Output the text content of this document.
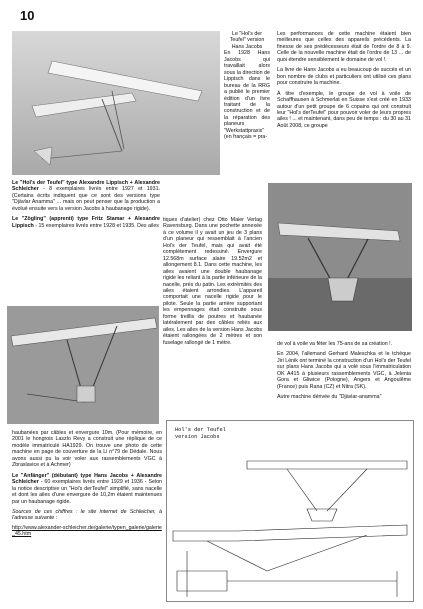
10

Le "Hol's der Teufel" version Hans Jacobs

En 1928 Hans Jacobs qui travaillait alors sous la direction de Lippisch dans le bureau de la RRG a publié le premier édition d'un livre traitant de la construction et de la réparation des planeurs "Werkstattpraxis" (en français = pra-

Les performances de cette machine étaient bien meilleures que celles des appareils précédents. La finesse de ses prédécesseurs était de l'ordre de 8 à 9. Celle de la nouvelle machine était de l'ordre de 13 ... de quoi étendre sensiblement le domaine de vol !.

La livre de Hans Jacobs a eu beaucoup de succès et un bon nombre de clubs et particuliers ont utilisé ces plans pour construire la machine.

À titre d'exemple, le groupe de vol à voile de Schaffhausen à Schmerlat en Suisse s'est créé en 1933 autour d'un petit groupe de 6 copains qui ont construit leur "Hol's derTeufel" pour pouvoir voler de leurs propres ailes ! ... et maintenant, dans peu de temps : du 30 au 31 Août 2008, ce groupe

Le "Hol's der Teufel" type Alexandre Lippisch + Alexandre Schleicher - 8 exemplaires livrés entre 1927 et 1931. (Certains écrits indiquent que ce sont des versions type "Djävlar Anamma" ... mais on peut penser que la production a évolué ensuite vers la version Jacobs à haubanage rigide).

Le "Zögling" (apprenti) type Fritz Stamar + Alexandre Lippisch - 15 exemplaires livrés entre 1928 et 1935. Des ailes

tiques d'atelier) chez Otto Maier Verlag Ravensburg. Dans une pochette annexée à ce volume il y avait un jeu de 3 plans d'un planeur qui ressemblait à l'ancien Hol's der Teufel, mais qui avait été complètement redessiné. Envergure 12.568m surface alaire 19.52m2 et allongement 8.1. Dans cette machine, les ailes avaient une double haubanage rigide les reliant à la partie inférieure de la nacelle, près du patin. Les extrémités des ailes étaient arrondies. L'appareil comportait une nacelle rigide pour le pilote. Seule la partie arrière supportant les empennages était construite sous forme treillis de poutres et haubanée latéralement par des câbles reliés aux ailes. Les ailes de la version Hans Jacobs étaient rallongées de 2 mètres et son fuselage rallongé de 1 mètre.	de vol à voile va fêter les 75-ans de sa création !.

En 2004, l'allemand Gerhard Maleschka et le tchèque Jiri Lénik ont terminé la construction d'un Hol's der Teufel sur plans Hans Jacobs qui a volé sous l'immatriculation OK A415 à plusieurs rassemblements VGC, à Jelenia Gora et Gliwice (Pologne), Angers et Angoulême (France) puis Rana (CZ) et Nitra (SK).

Autre machine dérivée du "Djävlar-anamma"

haubanées par câbles et envergure 10m. (Pour mémoire, en 2001 le hongrois Laszlo Revy a construit une réplique de ce modèle immatriculé HA1929. On trouve une photo de cette machine en page de couverture de la Li n°79 de Dédale. Nous avons aussi pu la voir voler aux rassemblements VGC à Zbraslavice et à Achmer)

Le "Anfänger" (débutant) type Hans Jacobs + Alexandre Schleicher - 60 exemplaires livrés entre 1929 et 1936 - Selon la notice descriptive un "Hol's derTeufel" simplifié, sans nacelle et dont les ailes d'une envergure de 10,2m étaient maintenues par un haubanage rigide.

Sources de ces chiffres : le site internet de Schleicher, à l'adresse suivante :

http://www.alexander-schleicher.de/galerie/typen_galerie/galerie_45.htm

Hol's der Teufel
version Jacobs
